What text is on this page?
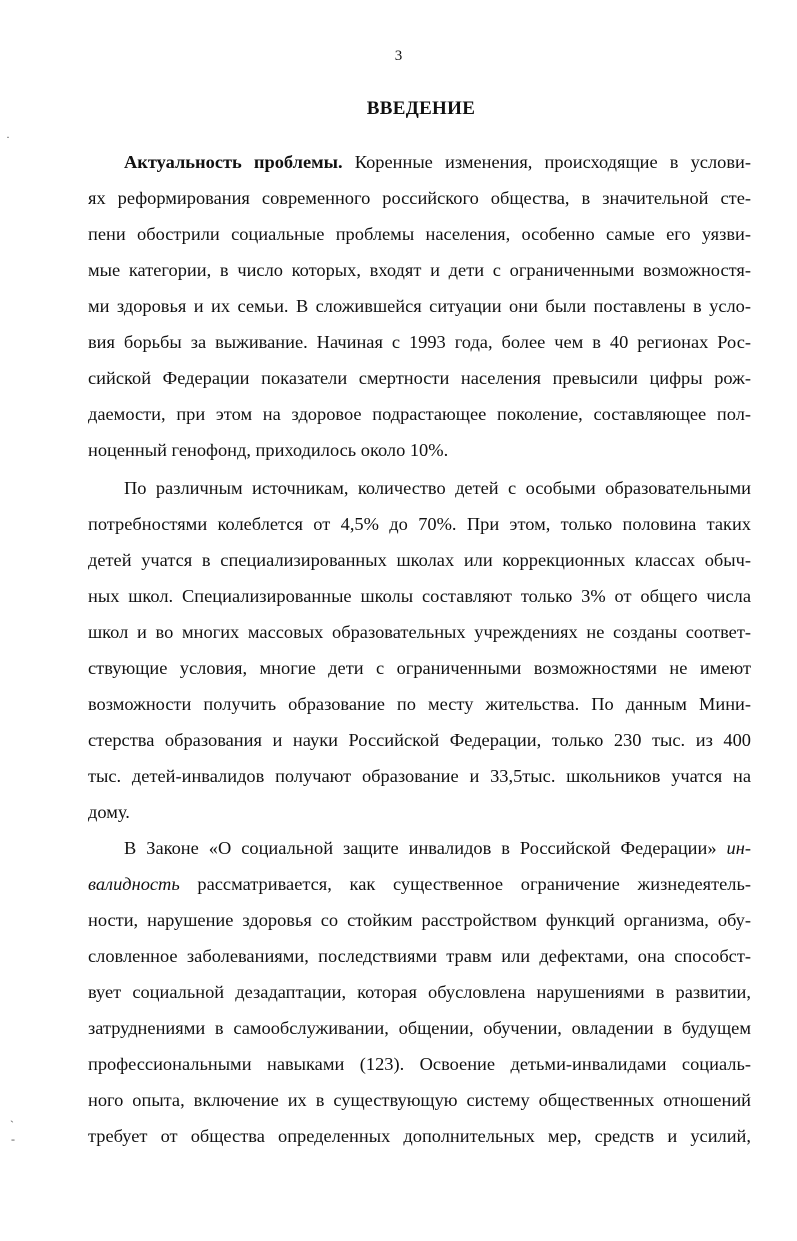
3
ВВЕДЕНИЕ
·
`
-
Актуальность проблемы. Коренные изменения, происходящие в услови-
ях реформирования современного российского общества, в значительной сте-
пени обострили социальные проблемы населения, особенно самые его уязви-
мые категории, в число которых, входят и дети с ограниченными возможностя-
ми здоровья и их семьи. В сложившейся ситуации они были поставлены в усло-
вия борьбы за выживание. Начиная с 1993 года, более чем в 40 регионах Рос-
сийской Федерации показатели смертности населения превысили цифры рож-
даемости, при этом на здоровое подрастающее поколение, составляющее пол-
ноценный генофонд, приходилось около 10%.
По различным источникам, количество детей с особыми образовательными
потребностями колеблется от 4,5% до 70%. При этом, только половина таких
детей учатся в специализированных школах или коррекционных классах обыч-
ных школ. Специализированные школы составляют только 3% от общего числа
школ и во многих массовых образовательных учреждениях не созданы соответ-
ствующие условия, многие дети с ограниченными возможностями не имеют
возможности получить образование по месту жительства. По данным Мини-
стерства образования и науки Российской Федерации, только 230 тыс. из 400
тыс. детей-инвалидов получают образование и 33,5тыс. школьников учатся на
дому.
В Законе «О социальной защите инвалидов в Российской Федерации» ин-
валидность рассматривается, как существенное ограничение жизнедеятель-
ности, нарушение здоровья со стойким расстройством функций организма, обу-
словленное заболеваниями, последствиями травм или дефектами, она способст-
вует социальной дезадаптации, которая обусловлена нарушениями в развитии,
затруднениями в самообслуживании, общении, обучении, овладении в будущем
профессиональными навыками (123). Освоение детьми-инвалидами социаль-
ного опыта, включение их в существующую систему общественных отношений
требует от общества определенных дополнительных мер, средств и усилий,
